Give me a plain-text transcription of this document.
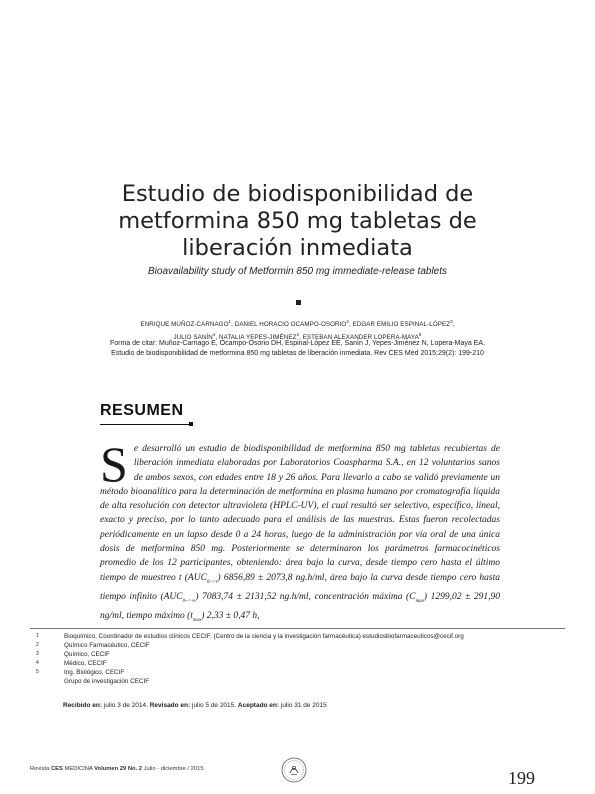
Estudio de biodisponibilidad de
metformina 850 mg tabletas de
liberación inmediata
Bioavailability study of Metformin 850 mg immediate-release tablets
ENRIQUE MUÑOZ-CARNAGO$^1$, DANIEL HORACIO OCAMPO-OSORIO$^2$, EDGAR EMILIO ESPINAL-LÓPEZ$^3$,
JULIO SANÍN$^4$, NATALIA YEPES-JIMÉNEZ$^3$, ESTEBAN ALEXANDER LOPERA-MAYA$^5$
Forma de citar: Muñoz-Carnago E, Ocampo-Osorio DH, Espinal-López EE, Sanín J, Yepes-Jiménez N, Lopera-Maya EA.
Estudio de biodisponibilidad de metformina 850 mg tabletas de liberación inmediata. Rev CES Med 2015;29(2): 199-210
RESUMEN
Se desarrolló un estudio de biodisponibilidad de metformina 850 mg tabletas recubiertas de liberación inmediata elaboradas por Laboratorios Coaspharma S.A., en 12 voluntarios sanos de ambos sexos, con edades entre 18 y 26 años. Para llevarlo a cabo se validó previamente un método bioanalítico para la determinación de metformina en plasma humano por cromatografía líquida de alta resolución con detector ultravioleta (HPLC-UV), el cual resultó ser selectivo, específico, lineal, exacto y preciso, por lo tanto adecuado para el análisis de las muestras. Estas fueron recolectadas periódicamente en un lapso desde 0 a 24 horas, luego de la administración por vía oral de una única dosis de metformina 850 mg. Posteriormente se determinaron los parámetros farmacocinéticos promedio de los 12 participantes, obteniendo: área bajo la curva, desde tiempo cero hasta el último tiempo de muestreo t $(AUC_{0-->t}) 6856,89 \pm 2073,8$ ng.h/ml, área bajo la curva desde tiempo cero hasta tiempo infinito $(AUC_{0-->\infty}) 7083,74 \pm 2131,52$ ng.h/ml, concentración máxima $(C_{max}) 1299,02 \pm 291,90$ ng/ml, tiempo máximo $(t_{max}) 2,33 \pm 0,47$ h,
1	Bioquímico, Coordinador de estudios clínicos CECIF. (Centro de la ciencia y la investigación farmacéutica) estudiosbiofarmaceuticos@cecif.org
2	Químico Farmacéutico, CECIF
3	Químico, CECIF
4	Médico, CECIF
5	Ing. Biológico, CECIF
Grupo de investigación CECIF
Recibido en: julio 3 de 2014. Revisado en: julio 5 de 2015. Aceptado en: julio 31 de 2015
Revista CES MEDICINA Volumen 29 No. 2 Julio - diciembre / 2015	199
